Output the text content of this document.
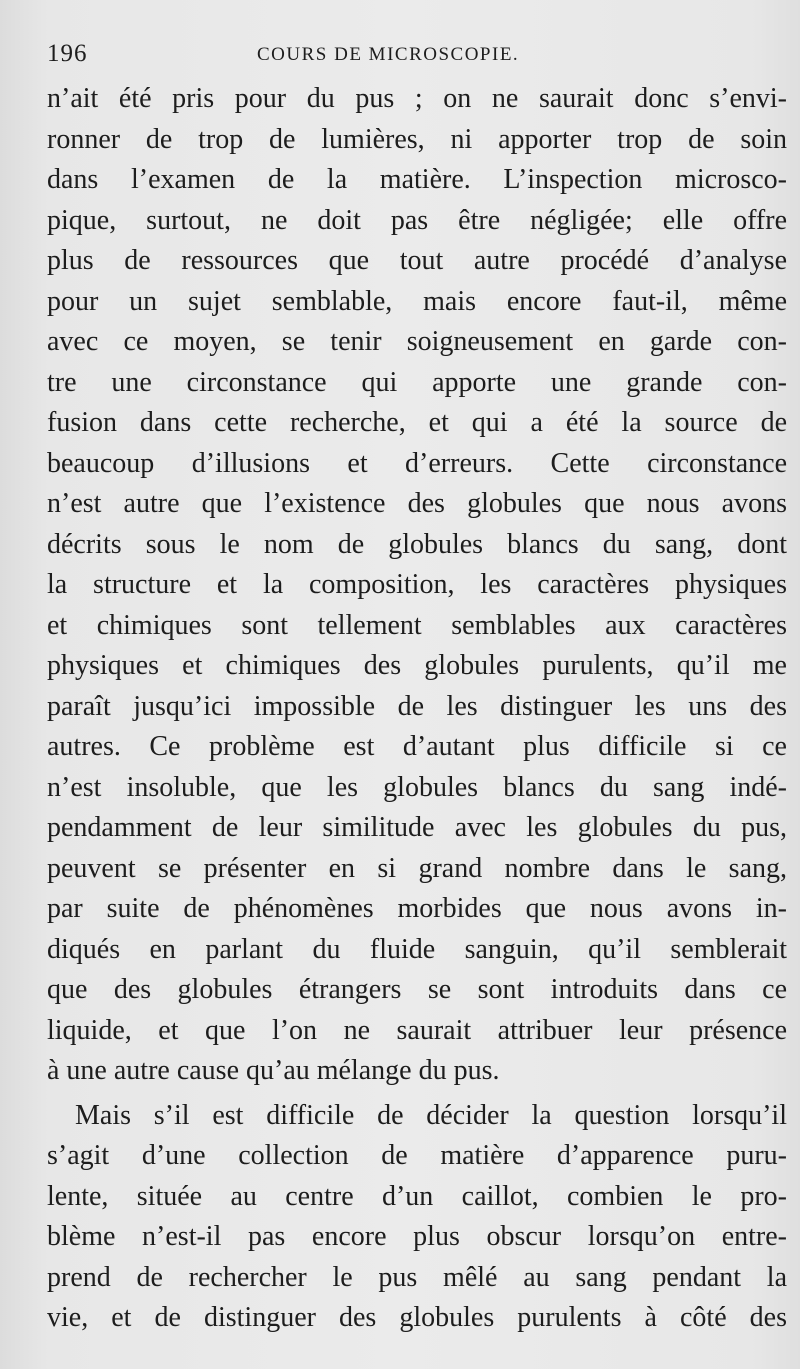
196	COURS DE MICROSCOPIE.
n’ait été pris pour du pus ; on ne saurait donc s’envi-
ronner de trop de lumières, ni apporter trop de soin
dans l’examen de la matière. L’inspection microsco-
pique, surtout, ne doit pas être négligée; elle offre
plus de ressources que tout autre procédé d’analyse
pour un sujet semblable, mais encore faut-il, même
avec ce moyen, se tenir soigneusement en garde con-
tre une circonstance qui apporte une grande con-
fusion dans cette recherche, et qui a été la source de
beaucoup d’illusions et d’erreurs. Cette circonstance
n’est autre que l’existence des globules que nous avons
décrits sous le nom de globules blancs du sang, dont
la structure et la composition, les caractères physiques
et chimiques sont tellement semblables aux caractères
physiques et chimiques des globules purulents, qu’il me
paraît jusqu’ici impossible de les distinguer les uns des
autres. Ce problème est d’autant plus difficile si ce
n’est insoluble, que les globules blancs du sang indé-
pendamment de leur similitude avec les globules du pus,
peuvent se présenter en si grand nombre dans le sang,
par suite de phénomènes morbides que nous avons in-
diqués en parlant du fluide sanguin, qu’il semblerait
que des globules étrangers se sont introduits dans ce
liquide, et que l’on ne saurait attribuer leur présence
à une autre cause qu’au mélange du pus.
Mais s’il est difficile de décider la question lorsqu’il
s’agit d’une collection de matière d’apparence puru-
lente, située au centre d’un caillot, combien le pro-
blème n’est-il pas encore plus obscur lorsqu’on entre-
prend de rechercher le pus mêlé au sang pendant la
vie, et de distinguer des globules purulents à côté des
